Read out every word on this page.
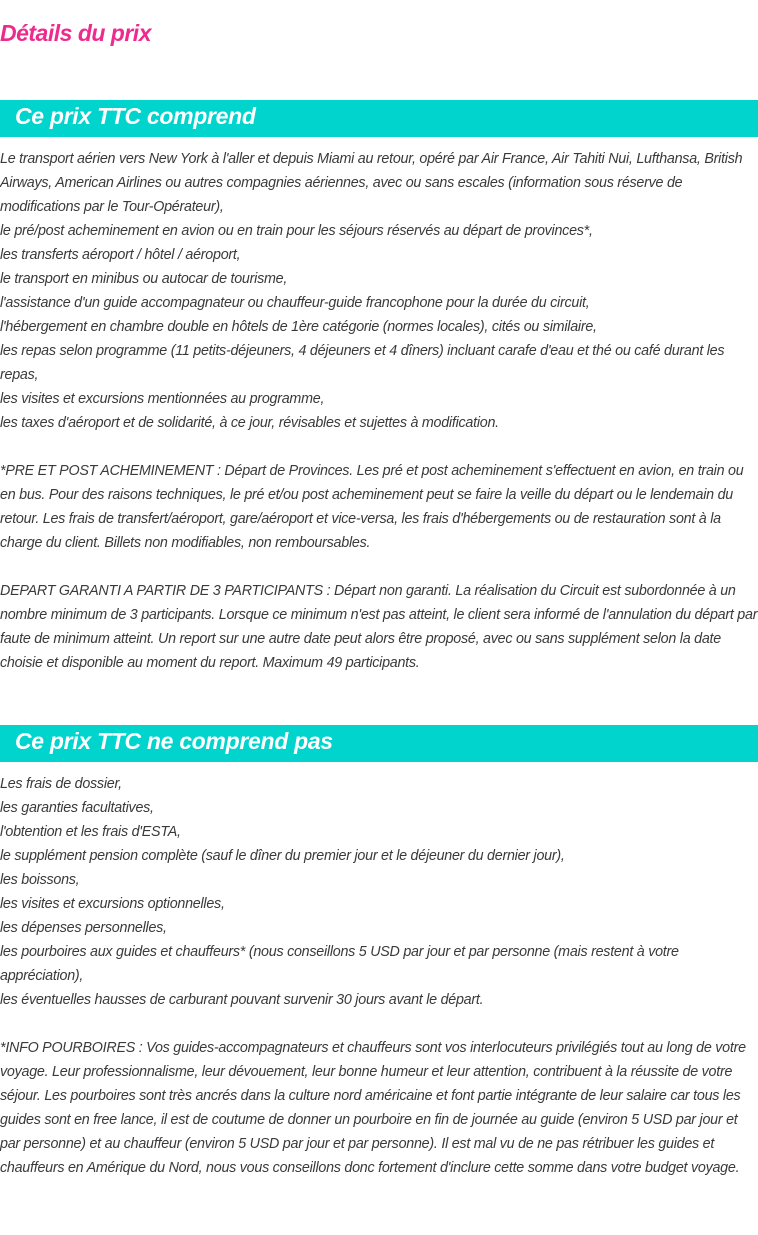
Détails du prix
Ce prix TTC comprend

Le transport aérien vers New York à l'aller et depuis Miami au retour, opéré par Air France, Air Tahiti Nui, Lufthansa, British Airways, American Airlines ou autres compagnies aériennes, avec ou sans escales (information sous réserve de modifications par le Tour-Opérateur),

le pré/post acheminement en avion ou en train pour les séjours réservés au départ de provinces*,

les transferts aéroport / hôtel / aéroport,

le transport en minibus ou autocar de tourisme,

l'assistance d'un guide accompagnateur ou chauffeur-guide francophone pour la durée du circuit,

l'hébergement en chambre double en hôtels de 1ère catégorie (normes locales), cités ou similaire,

les repas selon programme (11 petits-déjeuners, 4 déjeuners et 4 dîners) incluant carafe d'eau et thé ou café durant les repas,

les visites et excursions mentionnées au programme,

les taxes d'aéroport et de solidarité, à ce jour, révisables et sujettes à modification.

*PRE ET POST ACHEMINEMENT : Départ de Provinces. Les pré et post acheminement s'effectuent en avion, en train ou en bus. Pour des raisons techniques, le pré et/ou post acheminement peut se faire la veille du départ ou le lendemain du retour. Les frais de transfert/aéroport, gare/aéroport et vice-versa, les frais d'hébergements ou de restauration sont à la charge du client. Billets non modifiables, non remboursables.

DEPART GARANTI A PARTIR DE 3 PARTICIPANTS : Départ non garanti. La réalisation du Circuit est subordonnée à un nombre minimum de 3 participants. Lorsque ce minimum n'est pas atteint, le client sera informé de l'annulation du départ par faute de minimum atteint. Un report sur une autre date peut alors être proposé, avec ou sans supplément selon la date choisie et disponible au moment du report. Maximum 49 participants.

Ce prix TTC ne comprend pas

Les frais de dossier,

les garanties facultatives,

l'obtention et les frais d'ESTA,

le supplément pension complète (sauf le dîner du premier jour et le déjeuner du dernier jour),

les boissons,

les visites et excursions optionnelles,

les dépenses personnelles,

les pourboires aux guides et chauffeurs* (nous conseillons 5 USD par jour et par personne (mais restent à votre appréciation),

les éventuelles hausses de carburant pouvant survenir 30 jours avant le départ.

*INFO POURBOIRES : Vos guides-accompagnateurs et chauffeurs sont vos interlocuteurs privilégiés tout au long de votre voyage. Leur professionnalisme, leur dévouement, leur bonne humeur et leur attention, contribuent à la réussite de votre séjour. Les pourboires sont très ancrés dans la culture nord américaine et font partie intégrante de leur salaire car tous les guides sont en free lance, il est de coutume de donner un pourboire en fin de journée au guide (environ 5 USD par jour et par personne) et au chauffeur (environ 5 USD par jour et par personne). Il est mal vu de ne pas rétribuer les guides et chauffeurs en Amérique du Nord, nous vous conseillons donc fortement d'inclure cette somme dans votre budget voyage.
